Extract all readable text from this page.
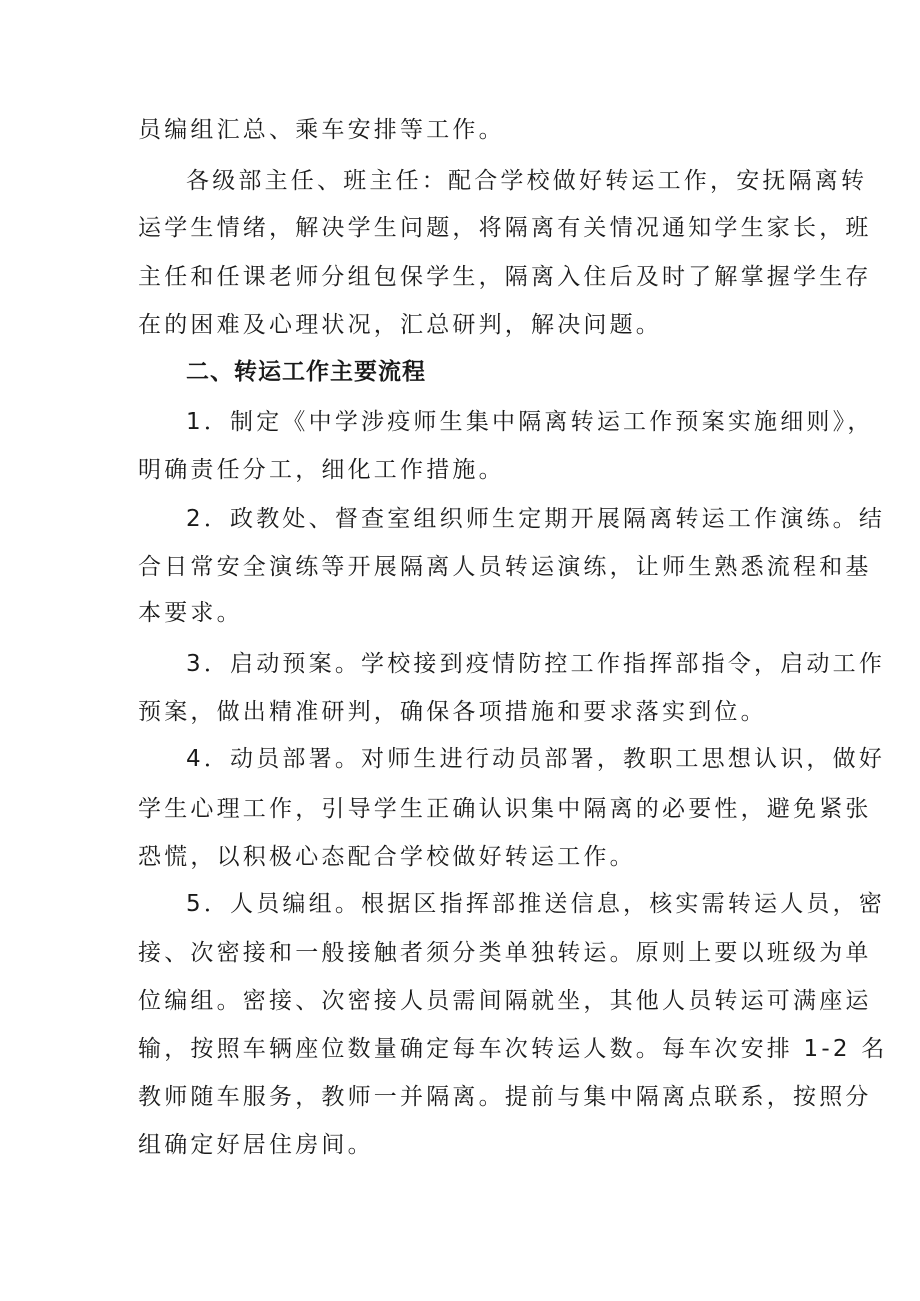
员编组汇总、乘车安排等工作。
各级部主任、班主任：配合学校做好转运工作，安抚隔离转
运学生情绪，解决学生问题，将隔离有关情况通知学生家长，班
主任和任课老师分组包保学生，隔离入住后及时了解掌握学生存
在的困难及心理状况，汇总研判，解决问题。
二、转运工作主要流程
1．制定《中学涉疫师生集中隔离转运工作预案实施细则》，
明确责任分工，细化工作措施。
2．政教处、督查室组织师生定期开展隔离转运工作演练。结
合日常安全演练等开展隔离人员转运演练，让师生熟悉流程和基
本要求。
3．启动预案。学校接到疫情防控工作指挥部指令，启动工作
预案，做出精准研判，确保各项措施和要求落实到位。
4．动员部署。对师生进行动员部署，教职工思想认识，做好
学生心理工作，引导学生正确认识集中隔离的必要性，避免紧张
恐慌，以积极心态配合学校做好转运工作。
5．人员编组。根据区指挥部推送信息，核实需转运人员，密
接、次密接和一般接触者须分类单独转运。原则上要以班级为单
位编组。密接、次密接人员需间隔就坐，其他人员转运可满座运
输，按照车辆座位数量确定每车次转运人数。每车次安排 1-2 名
教师随车服务，教师一并隔离。提前与集中隔离点联系，按照分
组确定好居住房间。
